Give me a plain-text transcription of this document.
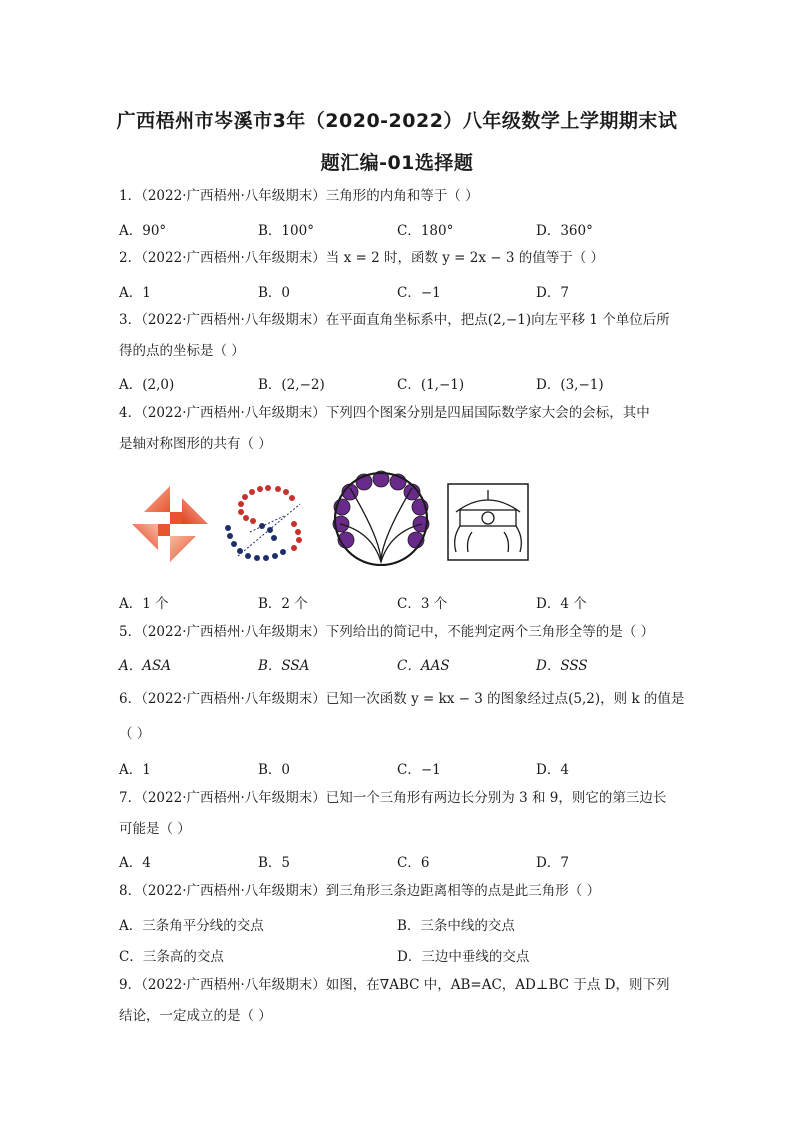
广西梧州市岑溪市3年（2020-2022）八年级数学上学期期末试
题汇编-01选择题
1．（2022·广西梧州·八年级期末）三角形的内角和等于（ ）
A．90°	B．100°	C．180°	D．360°
2．（2022·广西梧州·八年级期末）当 x = 2 时，函数 y = 2x − 3 的值等于（ ）
A．1	B．0	C．−1	D．7
3．（2022·广西梧州·八年级期末）在平面直角坐标系中，把点(2,−1)向左平移 1 个单位后所
得的点的坐标是（ ）
A．(2,0)	B．(2,−2)	C．(1,−1)	D．(3,−1)
4．（2022·广西梧州·八年级期末）下列四个图案分别是四届国际数学家大会的会标，其中
是轴对称图形的共有（ ）
A．1 个	B．2 个	C．3 个	D．4 个
5．（2022·广西梧州·八年级期末）下列给出的简记中，不能判定两个三角形全等的是（ ）
A．ASA	B．SSA	C．AAS	D．SSS
6．（2022·广西梧州·八年级期末）已知一次函数 y = kx − 3 的图象经过点(5,2)，则 k 的值是
（ ）
A．1	B．0	C．−1	D．4
7．（2022·广西梧州·八年级期末）已知一个三角形有两边长分别为 3 和 9，则它的第三边长
可能是（ ）
A．4	B．5	C．6	D．7
8．（2022·广西梧州·八年级期末）到三角形三条边距离相等的点是此三角形（ ）
A．三条角平分线的交点	B．三条中线的交点
C．三条高的交点	D．三边中垂线的交点
9．（2022·广西梧州·八年级期末）如图，在∇ABC 中，AB=AC，AD⊥BC 于点 D，则下列
结论，一定成立的是（ ）
